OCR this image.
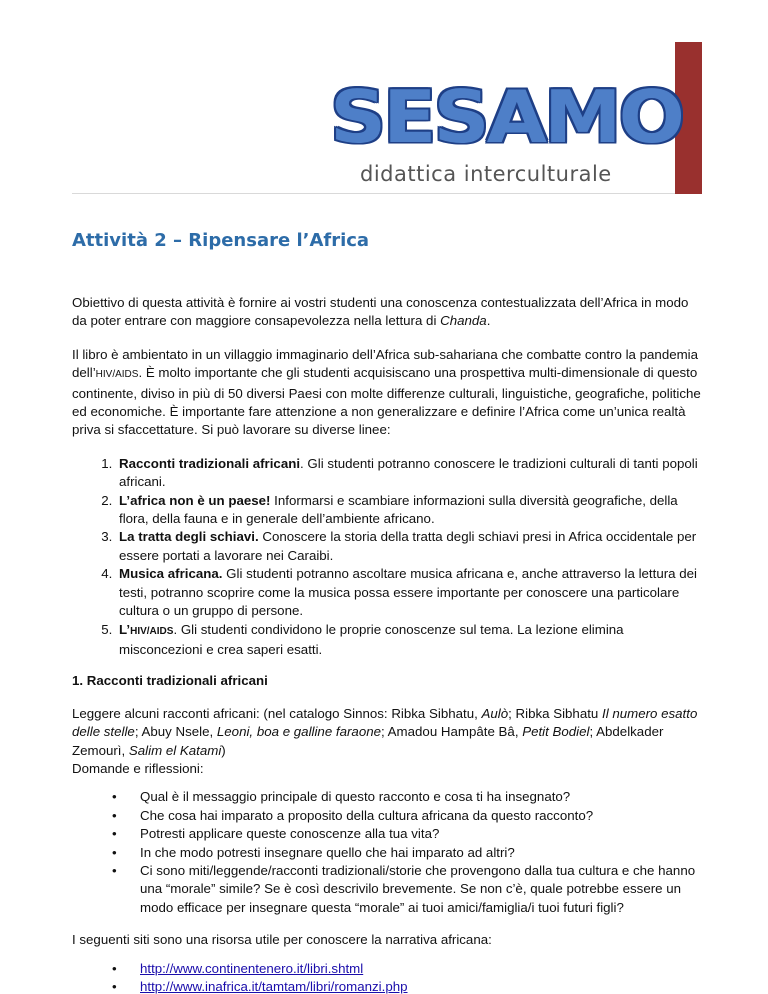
SESAMO
didattica interculturale
Attività 2 – Ripensare l’Africa

Obiettivo di questa attività è fornire ai vostri studenti una conoscenza contestualizzata dell’Africa in modo da poter entrare con maggiore consapevolezza nella lettura di Chanda.

Il libro è ambientato in un villaggio immaginario dell’Africa sub-sahariana che combatte contro la pandemia dell’HIV/AIDS. È molto importante che gli studenti acquisiscano una prospettiva multi-dimensionale di questo continente, diviso in più di 50 diversi Paesi con molte differenze culturali, linguistiche, geografiche, politiche ed economiche. È importante fare attenzione a non generalizzare e definire l’Africa come un’unica realtà priva si sfaccettature. Si può lavorare su diverse linee:

1. Racconti tradizionali africani. Gli studenti potranno conoscere le tradizioni culturali di tanti popoli africani.
2. L’africa non è un paese! Informarsi e scambiare informazioni sulla diversità geografiche, della flora, della fauna e in generale dell’ambiente africano.
3. La tratta degli schiavi. Conoscere la storia della tratta degli schiavi presi in Africa occidentale per essere portati a lavorare nei Caraibi.
4. Musica africana. Gli studenti potranno ascoltare musica africana e, anche attraverso la lettura dei testi, potranno scoprire come la musica possa essere importante per conoscere una particolare cultura o un gruppo di persone.
5. L’HIV/AIDS. Gli studenti condividono le proprie conoscenze sul tema. La lezione elimina misconcezioni e crea saperi esatti.
1. Racconti tradizionali africani

Leggere alcuni racconti africani: (nel catalogo Sinnos: Ribka Sibhatu, Aulò; Ribka Sibhatu Il numero esatto delle stelle; Abuy Nsele, Leoni, boa e galline faraone; Amadou Hampâte Bâ, Petit Bodiel; Abdelkader Zemourì, Salim el Katami)
Domande e riflessioni:

• Qual è il messaggio principale di questo racconto e cosa ti ha insegnato?
• Che cosa hai imparato a proposito della cultura africana da questo racconto?
• Potresti applicare queste conoscenze alla tua vita?
• In che modo potresti insegnare quello che hai imparato ad altri?
• Ci sono miti/leggende/racconti tradizionali/storie che provengono dalla tua cultura e che hanno una “morale” simile? Se è così descrivilo brevemente. Se non c’è, quale potrebbe essere un modo efficace per insegnare questa “morale” ai tuoi amici/famiglia/i tuoi futuri figli?

I seguenti siti sono una risorsa utile per conoscere la narrativa africana:

• http://www.continentenero.it/libri.shtml
• http://www.inafrica.it/tamtam/libri/romanzi.php
